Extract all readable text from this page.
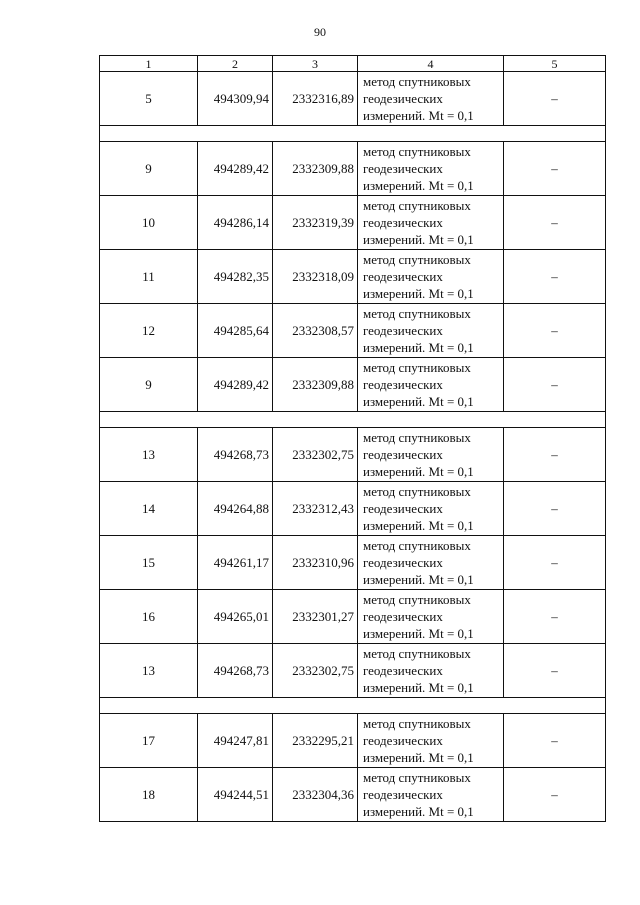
90
1	2	3	4	5
5	494309,94	2332316,89	метод спутниковых
геодезических
измерений. Mt = 0,1	–

9	494289,42	2332309,88	метод спутниковых
геодезических
измерений. Mt = 0,1	–
10	494286,14	2332319,39	метод спутниковых
геодезических
измерений. Mt = 0,1	–
11	494282,35	2332318,09	метод спутниковых
геодезических
измерений. Mt = 0,1	–
12	494285,64	2332308,57	метод спутниковых
геодезических
измерений. Mt = 0,1	–
9	494289,42	2332309,88	метод спутниковых
геодезических
измерений. Mt = 0,1	–

13	494268,73	2332302,75	метод спутниковых
геодезических
измерений. Mt = 0,1	–
14	494264,88	2332312,43	метод спутниковых
геодезических
измерений. Mt = 0,1	–
15	494261,17	2332310,96	метод спутниковых
геодезических
измерений. Mt = 0,1	–
16	494265,01	2332301,27	метод спутниковых
геодезических
измерений. Mt = 0,1	–
13	494268,73	2332302,75	метод спутниковых
геодезических
измерений. Mt = 0,1	–

17	494247,81	2332295,21	метод спутниковых
геодезических
измерений. Mt = 0,1	–
18	494244,51	2332304,36	метод спутниковых
геодезических
измерений. Mt = 0,1	–
